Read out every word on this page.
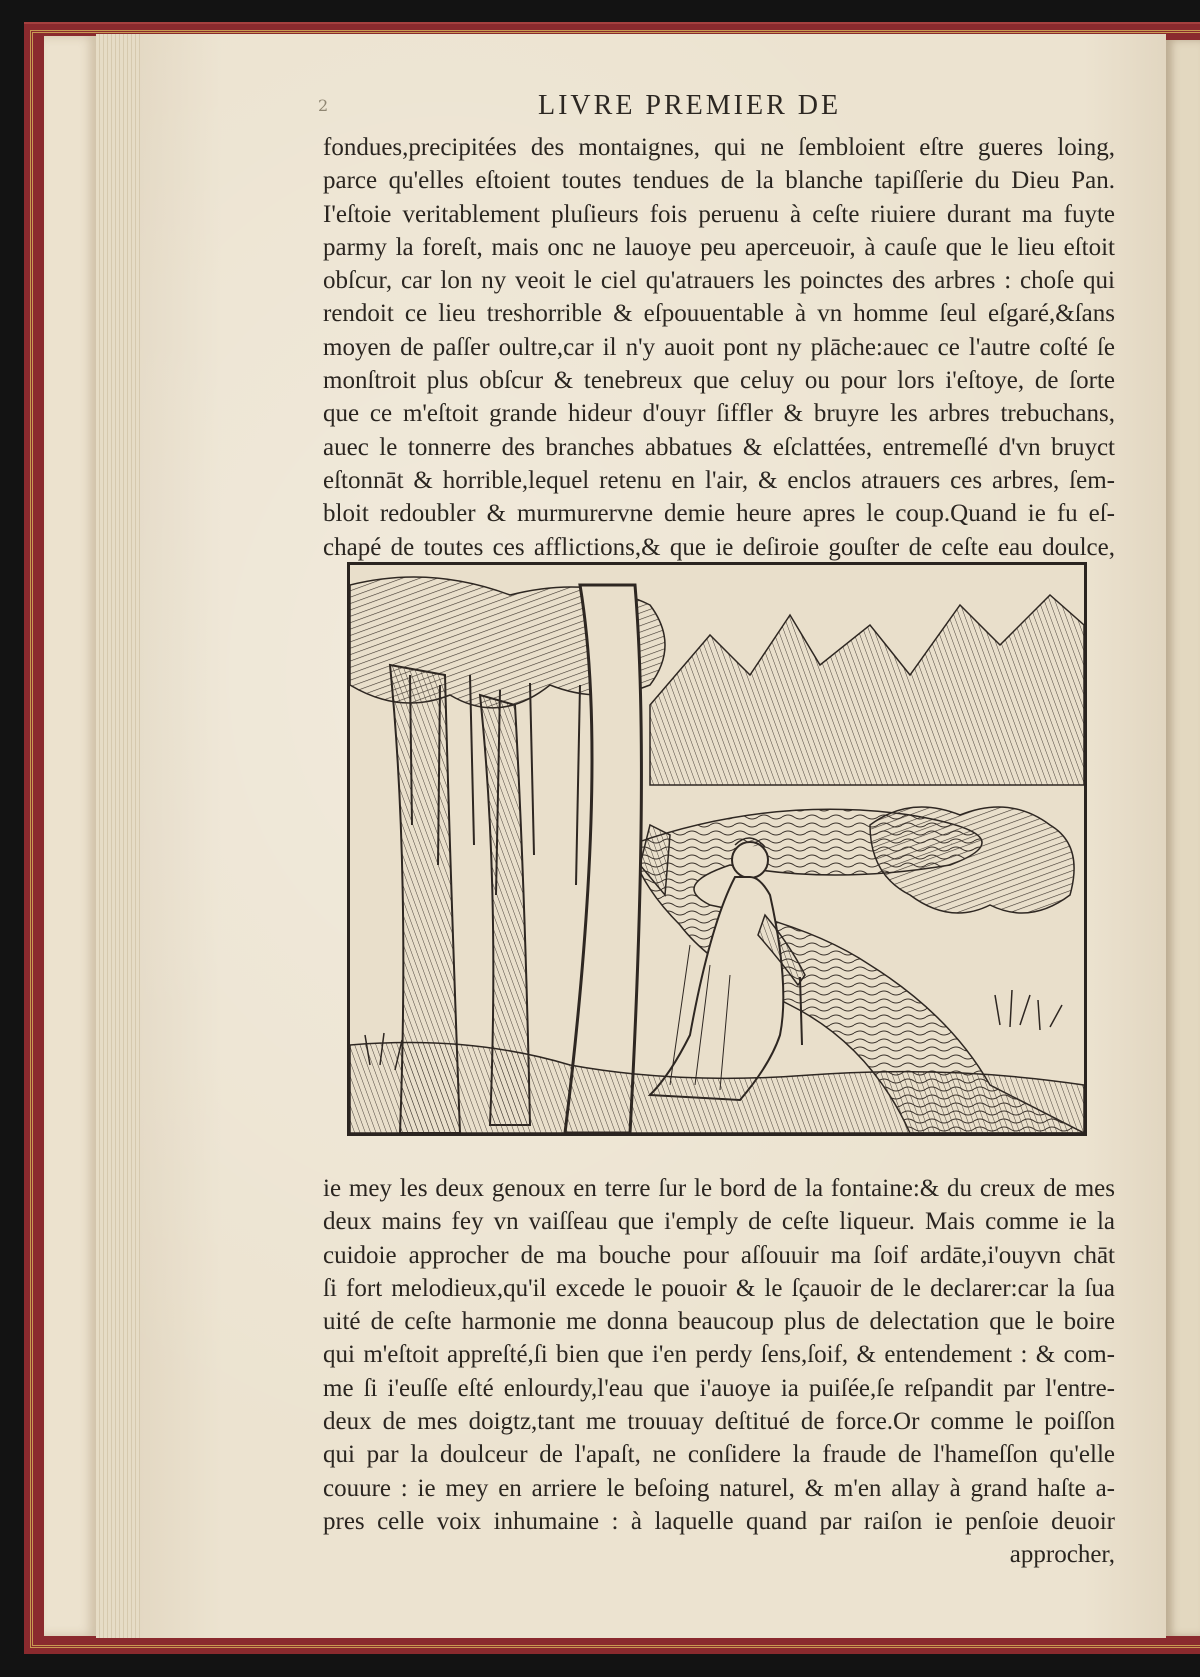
2	LIVRE PREMIER DE
fondues,precipitées des montaignes, qui ne ſembloient eſtre gueres loing,
parce qu'elles eſtoient toutes tendues de la blanche tapiſſerie du Dieu Pan.
I'eſtoie veritablement pluſieurs fois peruenu à ceſte riuiere durant ma fuyte
parmy la foreſt, mais onc ne lauoye peu aperceuoir, à cauſe que le lieu eſtoit
obſcur, car lon ny veoit le ciel qu'atrauers les poinctes des arbres : choſe qui
rendoit ce lieu treshorrible & eſpouuentable à vn homme ſeul eſgaré,&ſans
moyen de paſſer oultre,car il n'y auoit pont ny plāche:auec ce l'autre coſté ſe
monſtroit plus obſcur & tenebreux que celuy ou pour lors i'eſtoye, de ſorte
que ce m'eſtoit grande hideur d'ouyr ſiffler & bruyre les arbres trebuchans,
auec le tonnerre des branches abbatues & eſclattées, entremeſlé d'vn bruyct
eſtonnāt & horrible,lequel retenu en l'air, & enclos atrauers ces arbres, ſem-
bloit redoubler & murmurervne demie heure apres le coup.Quand ie fu eſ-
chapé de toutes ces afflictions,& que ie deſiroie gouſter de ceſte eau doulce,
ie mey les deux genoux en terre ſur le bord de la fontaine:& du creux de mes
deux mains fey vn vaiſſeau que i'emply de ceſte liqueur. Mais comme ie la
cuidoie approcher de ma bouche pour aſſouuir ma ſoif ardāte,i'ouyvn chāt
ſi fort melodieux,qu'il excede le pouoir & le ſçauoir de le declarer:car la ſua
uité de ceſte harmonie me donna beaucoup plus de delectation que le boire
qui m'eſtoit appreſté,ſi bien que i'en perdy ſens,ſoif, & entendement : & com-
me ſi i'euſſe eſté enlourdy,l'eau que i'auoye ia puiſée,ſe reſpandit par l'entre-
deux de mes doigtz,tant me trouuay deſtitué de force.Or comme le poiſſon
qui par la doulceur de l'apaſt, ne conſidere la fraude de l'hameſſon qu'elle
couure : ie mey en arriere le beſoing naturel, & m'en allay à grand haſte a-
pres celle voix inhumaine : à laquelle quand par raiſon ie penſoie deuoir
approcher,
